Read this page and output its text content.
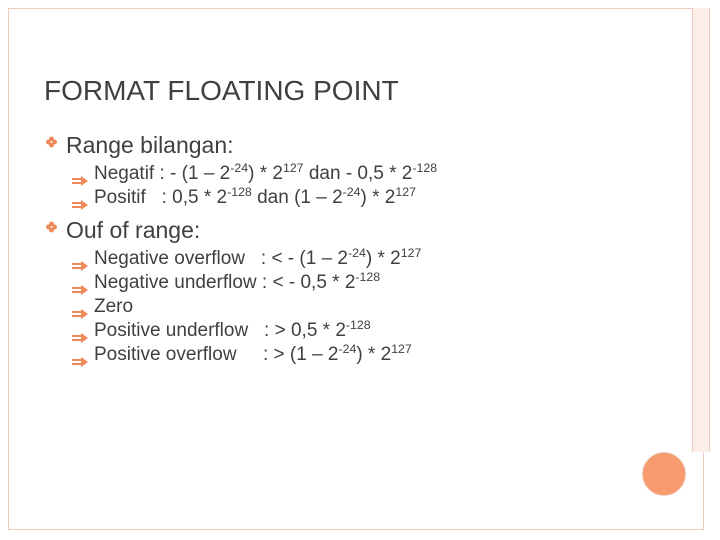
FORMAT FLOATING POINT
Range bilangan:
Negatif : - $(1 - 2^{-24}) * 2^{127}$ dan - $0,5 * 2^{-128}$
Positif   : $0,5 * 2^{-128}$ dan $(1 - 2^{-24}) * 2^{127}$
Ouf of range:
Negative overflow   : < - $(1 - 2^{-24}) * 2^{127}$
Negative underflow : < - $0,5 * 2^{-128}$
Zero
Positive underflow   : > $0,5 * 2^{-128}$
Positive overflow     : > $(1 - 2^{-24}) * 2^{127}$
